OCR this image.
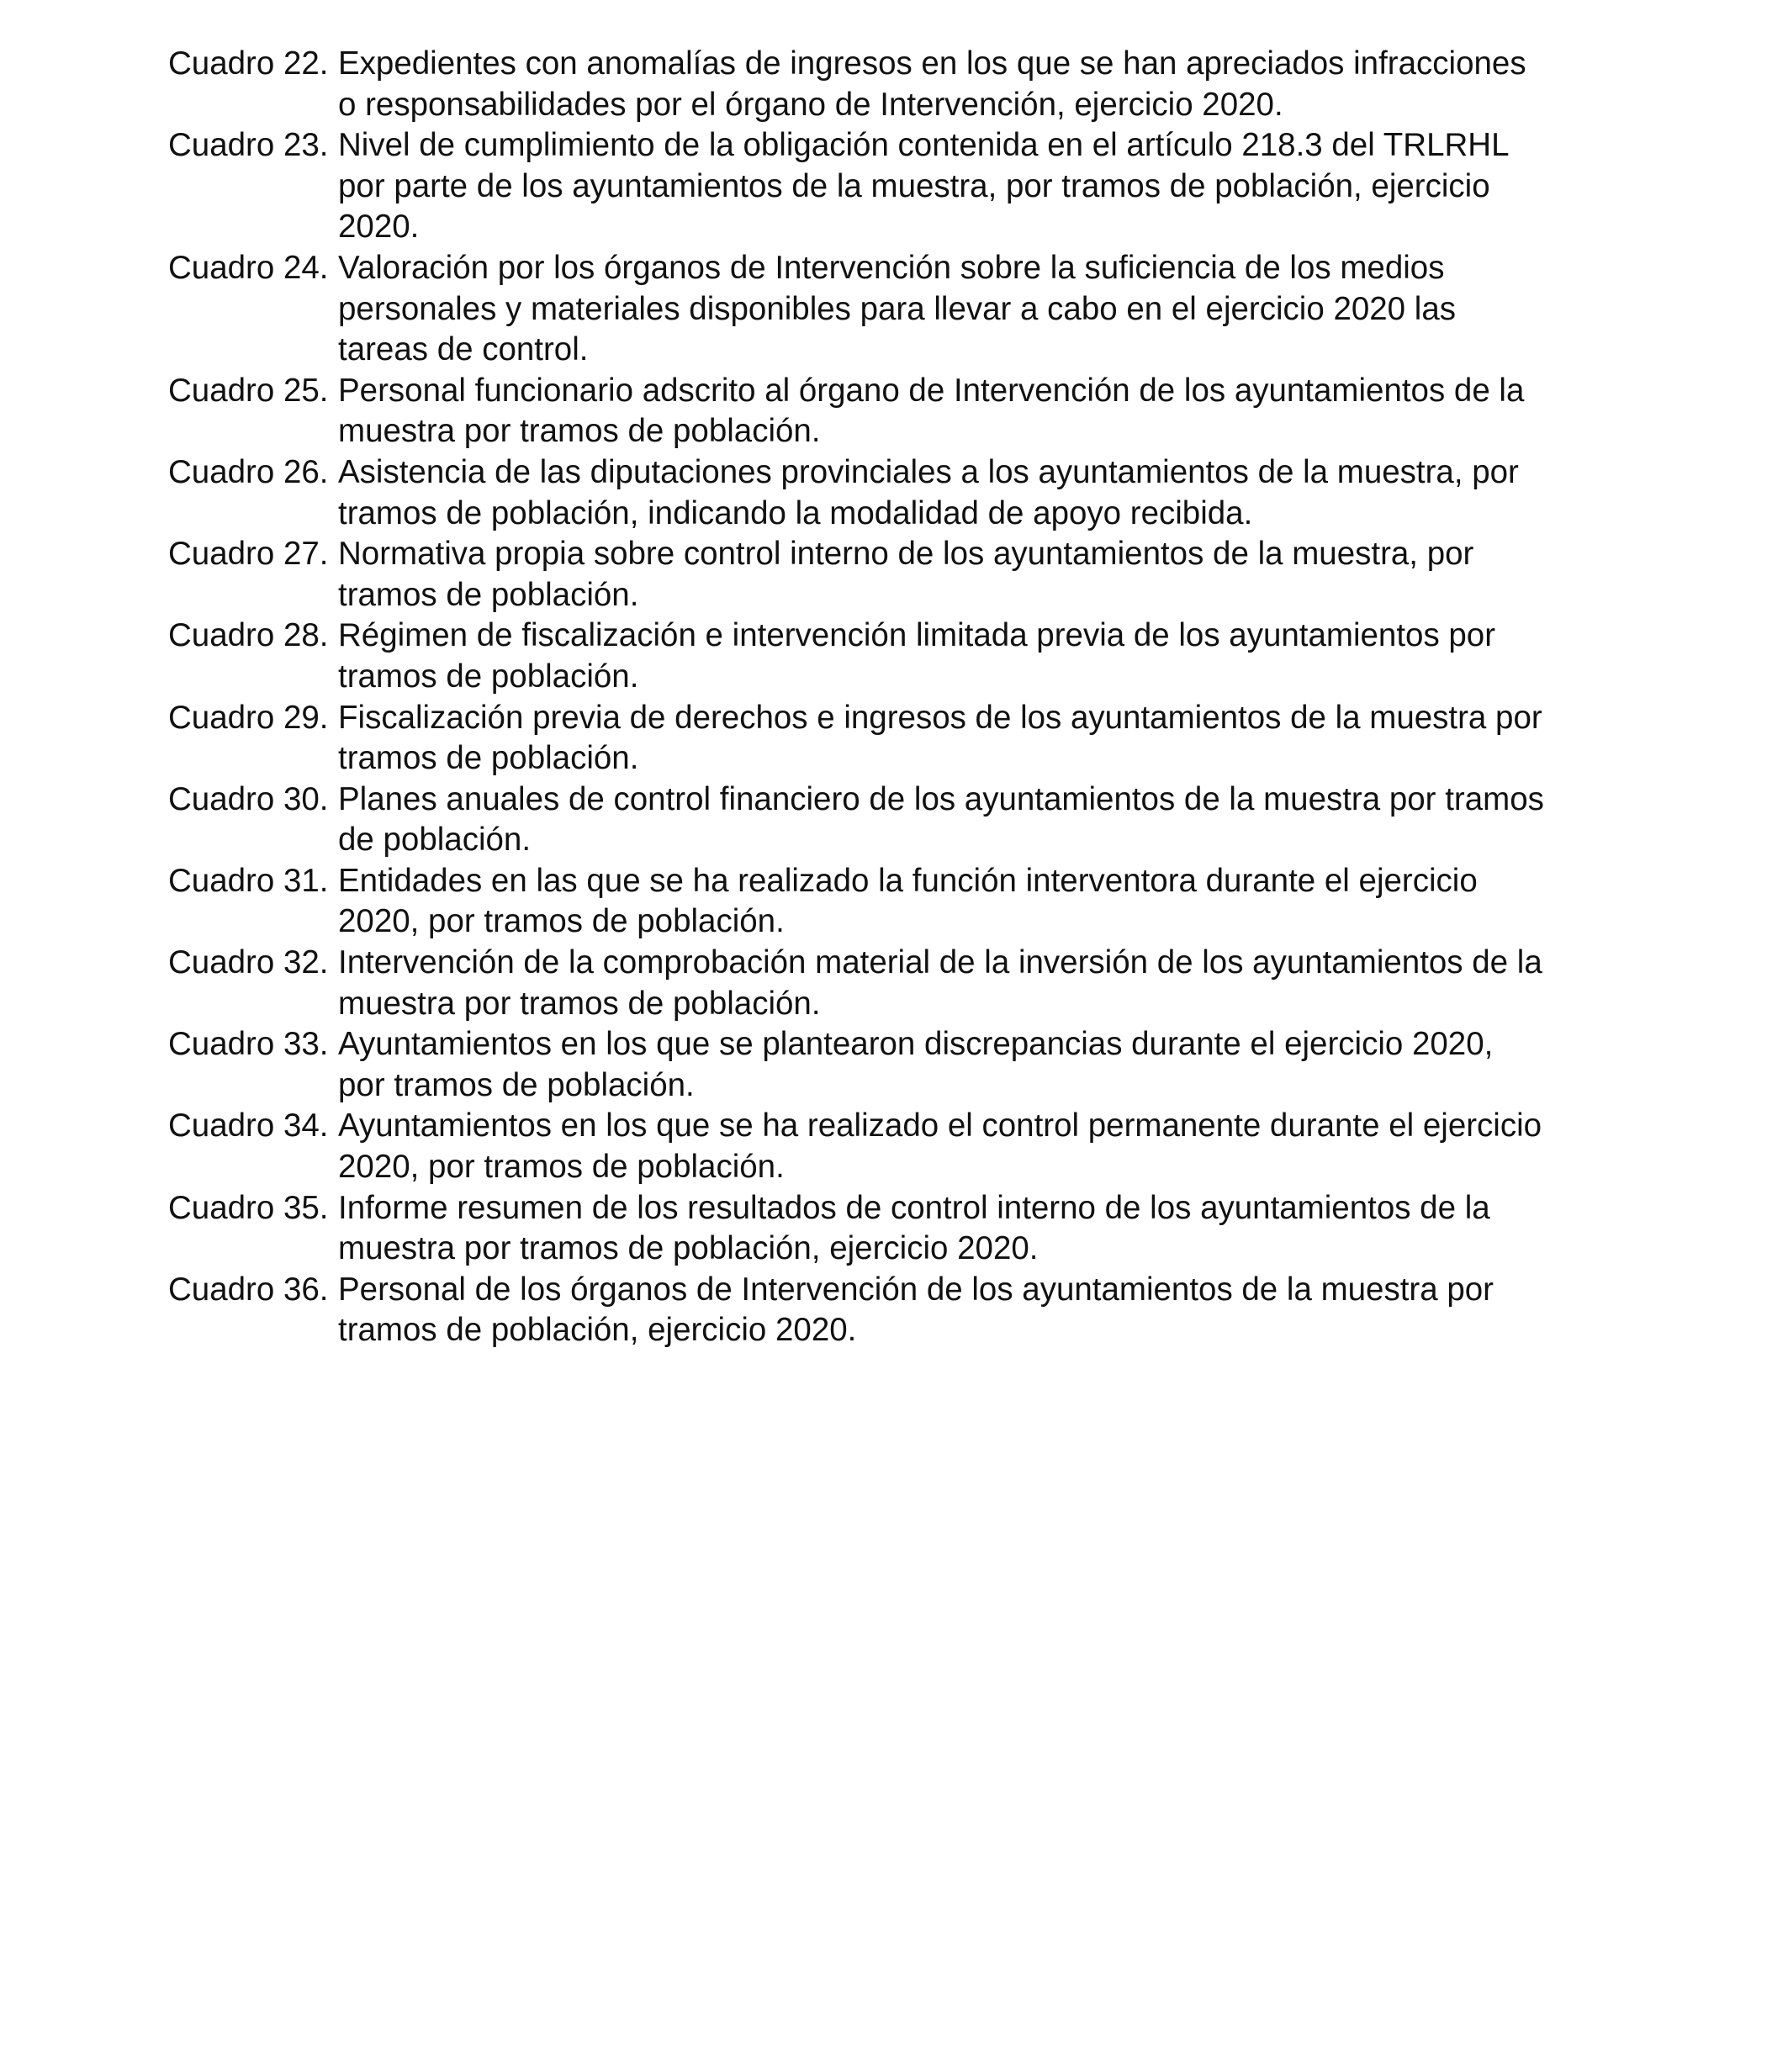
Cuadro 22. Expedientes con anomalías de ingresos en los que se han apreciados infracciones o responsabilidades por el órgano de Intervención, ejercicio 2020.
Cuadro 23. Nivel de cumplimiento de la obligación contenida en el artículo 218.3 del TRLRHL por parte de los ayuntamientos de la muestra, por tramos de población, ejercicio 2020.
Cuadro 24. Valoración por los órganos de Intervención sobre la suficiencia de los medios personales y materiales disponibles para llevar a cabo en el ejercicio 2020 las tareas de control.
Cuadro 25. Personal funcionario adscrito al órgano de Intervención de los ayuntamientos de la muestra por tramos de población.
Cuadro 26. Asistencia de las diputaciones provinciales a los ayuntamientos de la muestra, por tramos de población, indicando la modalidad de apoyo recibida.
Cuadro 27. Normativa propia sobre control interno de los ayuntamientos de la muestra, por tramos de población.
Cuadro 28. Régimen de fiscalización e intervención limitada previa de los ayuntamientos por tramos de población.
Cuadro 29. Fiscalización previa de derechos e ingresos de los ayuntamientos de la muestra por tramos de población.
Cuadro 30. Planes anuales de control financiero de los ayuntamientos de la muestra por tramos de población.
Cuadro 31. Entidades en las que se ha realizado la función interventora durante el ejercicio 2020, por tramos de población.
Cuadro 32. Intervención de la comprobación material de la inversión de los ayuntamientos de la muestra por tramos de población.
Cuadro 33. Ayuntamientos en los que se plantearon discrepancias durante el ejercicio 2020, por tramos de población.
Cuadro 34. Ayuntamientos en los que se ha realizado el control permanente durante el ejercicio 2020, por tramos de población.
Cuadro 35. Informe resumen de los resultados de control interno de los ayuntamientos de la muestra por tramos de población, ejercicio 2020.
Cuadro 36. Personal de los órganos de Intervención de los ayuntamientos de la muestra por tramos de población, ejercicio 2020.
